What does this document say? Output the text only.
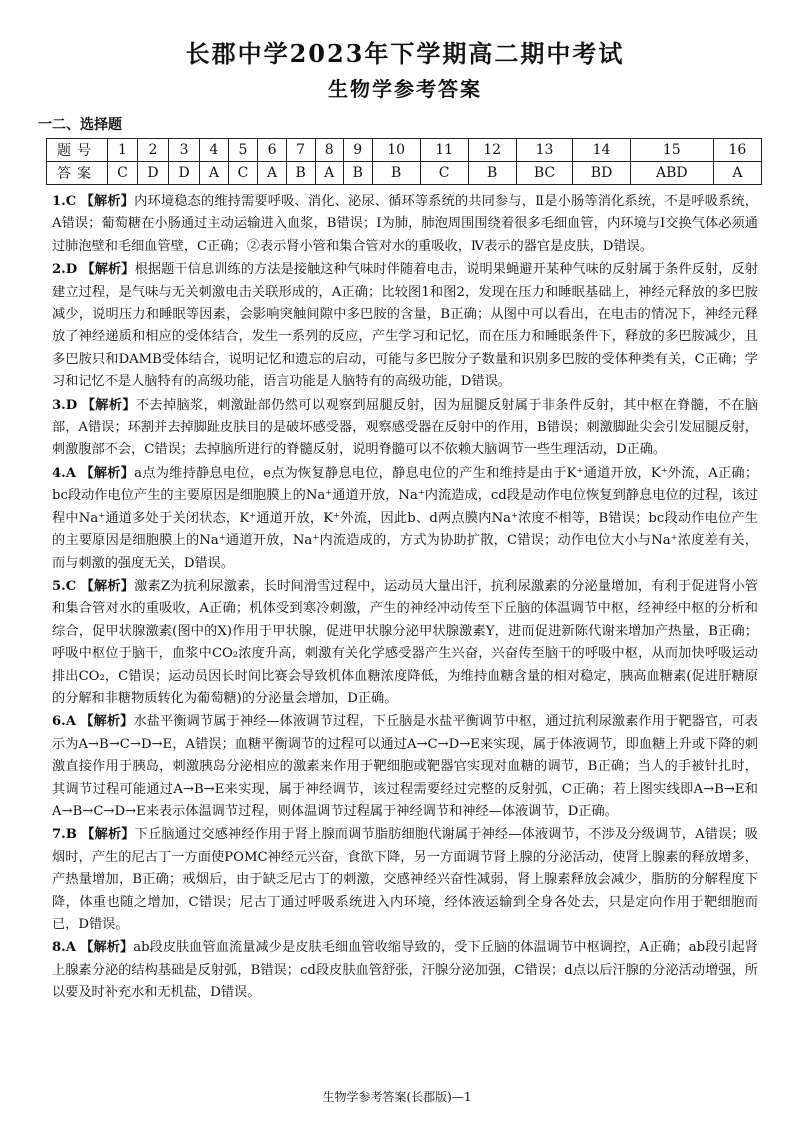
长郡中学2023年下学期高二期中考试
生物学参考答案
一二、选择题
题号	1	2	3	4	5	6	7	8	9	10	11	12	13	14	15	16
答案	C	D	D	A	C	A	B	A	B	B	C	B	BC	BD	ABD	A

1.C 【解析】内环境稳态的维持需要呼吸、消化、泌尿、循环等系统的共同参与，Ⅱ是小肠等消化系统，不是呼吸系统，A错误；葡萄糖在小肠通过主动运输进入血浆，B错误；Ⅰ为肺，肺泡周围围绕着很多毛细血管，内环境与Ⅰ交换气体必须通过肺泡壁和毛细血管壁，C正确；②表示肾小管和集合管对水的重吸收，Ⅳ表示的器官是皮肤，D错误。

2.D 【解析】根据题干信息训练的方法是接触这种气味时伴随着电击，说明果蝇避开某种气味的反射属于条件反射，反射建立过程，是气味与无关刺激电击关联形成的，A正确；比较图1和图2，发现在压力和睡眠基础上，神经元释放的多巴胺减少，说明压力和睡眠等因素，会影响突触间隙中多巴胺的含量，B正确；从图中可以看出，在电击的情况下，神经元释放了神经递质和相应的受体结合，发生一系列的反应，产生学习和记忆，而在压力和睡眠条件下，释放的多巴胺减少，且多巴胺只和DAMB受体结合，说明记忆和遗忘的启动，可能与多巴胺分子数量和识别多巴胺的受体种类有关，C正确；学习和记忆不是人脑特有的高级功能，语言功能是人脑特有的高级功能，D错误。

3.D 【解析】不去掉脑浆，刺激趾部仍然可以观察到屈腿反射，因为屈腿反射属于非条件反射，其中枢在脊髓，不在脑部，A错误；环割并去掉脚趾皮肤目的是破坏感受器，观察感受器在反射中的作用，B错误；刺激脚趾尖会引发屈腿反射，刺激腹部不会，C错误；去掉脑所进行的脊髓反射，说明脊髓可以不依赖大脑调节一些生理活动，D正确。

4.A 【解析】a点为维持静息电位，e点为恢复静息电位，静息电位的产生和维持是由于K⁺通道开放，K⁺外流，A正确；bc段动作电位产生的主要原因是细胞膜上的Na⁺通道开放，Na⁺内流造成，cd段是动作电位恢复到静息电位的过程，该过程中Na⁺通道多处于关闭状态，K⁺通道开放，K⁺外流，因此b、d两点膜内Na⁺浓度不相等，B错误；bc段动作电位产生的主要原因是细胞膜上的Na⁺通道开放，Na⁺内流造成的，方式为协助扩散，C错误；动作电位大小与Na⁺浓度差有关，而与刺激的强度无关，D错误。

5.C 【解析】激素Z为抗利尿激素，长时间滑雪过程中，运动员大量出汗，抗利尿激素的分泌量增加，有利于促进肾小管和集合管对水的重吸收，A正确；机体受到寒冷刺激，产生的神经冲动传至下丘脑的体温调节中枢，经神经中枢的分析和综合，促甲状腺激素(图中的X)作用于甲状腺，促进甲状腺分泌甲状腺激素Y，进而促进新陈代谢来增加产热量，B正确；呼吸中枢位于脑干，血浆中CO₂浓度升高，刺激有关化学感受器产生兴奋，兴奋传至脑干的呼吸中枢，从而加快呼吸运动排出CO₂，C错误；运动员因长时间比赛会导致机体血糖浓度降低，为维持血糖含量的相对稳定，胰高血糖素(促进肝糖原的分解和非糖物质转化为葡萄糖)的分泌量会增加，D正确。

6.A 【解析】水盐平衡调节属于神经—体液调节过程，下丘脑是水盐平衡调节中枢，通过抗利尿激素作用于靶器官，可表示为A→B→C→D→E，A错误；血糖平衡调节的过程可以通过A→C→D→E来实现，属于体液调节，即血糖上升或下降的刺激直接作用于胰岛，刺激胰岛分泌相应的激素来作用于靶细胞或靶器官实现对血糖的调节，B正确；当人的手被针扎时，其调节过程可能通过A→B→E来实现，属于神经调节，该过程需要经过完整的反射弧，C正确；若上图实线即A→B→E和A→B→C→D→E来表示体温调节过程，则体温调节过程属于神经调节和神经—体液调节，D正确。

7.B 【解析】下丘脑通过交感神经作用于肾上腺而调节脂肪细胞代谢属于神经—体液调节，不涉及分级调节，A错误；吸烟时，产生的尼古丁一方面使POMC神经元兴奋，食欲下降，另一方面调节肾上腺的分泌活动，使肾上腺素的释放增多，产热量增加，B正确；戒烟后，由于缺乏尼古丁的刺激，交感神经兴奋性减弱，肾上腺素释放会减少，脂肪的分解程度下降，体重也随之增加，C错误；尼古丁通过呼吸系统进入内环境，经体液运输到全身各处去，只是定向作用于靶细胞而已，D错误。

8.A 【解析】ab段皮肤血管血流量减少是皮肤毛细血管收缩导致的，受下丘脑的体温调节中枢调控，A正确；ab段引起肾上腺素分泌的结构基础是反射弧，B错误；cd段皮肤血管舒张，汗腺分泌加强，C错误；d点以后汗腺的分泌活动增强，所以要及时补充水和无机盐，D错误。

生物学参考答案(长郡版)—1
